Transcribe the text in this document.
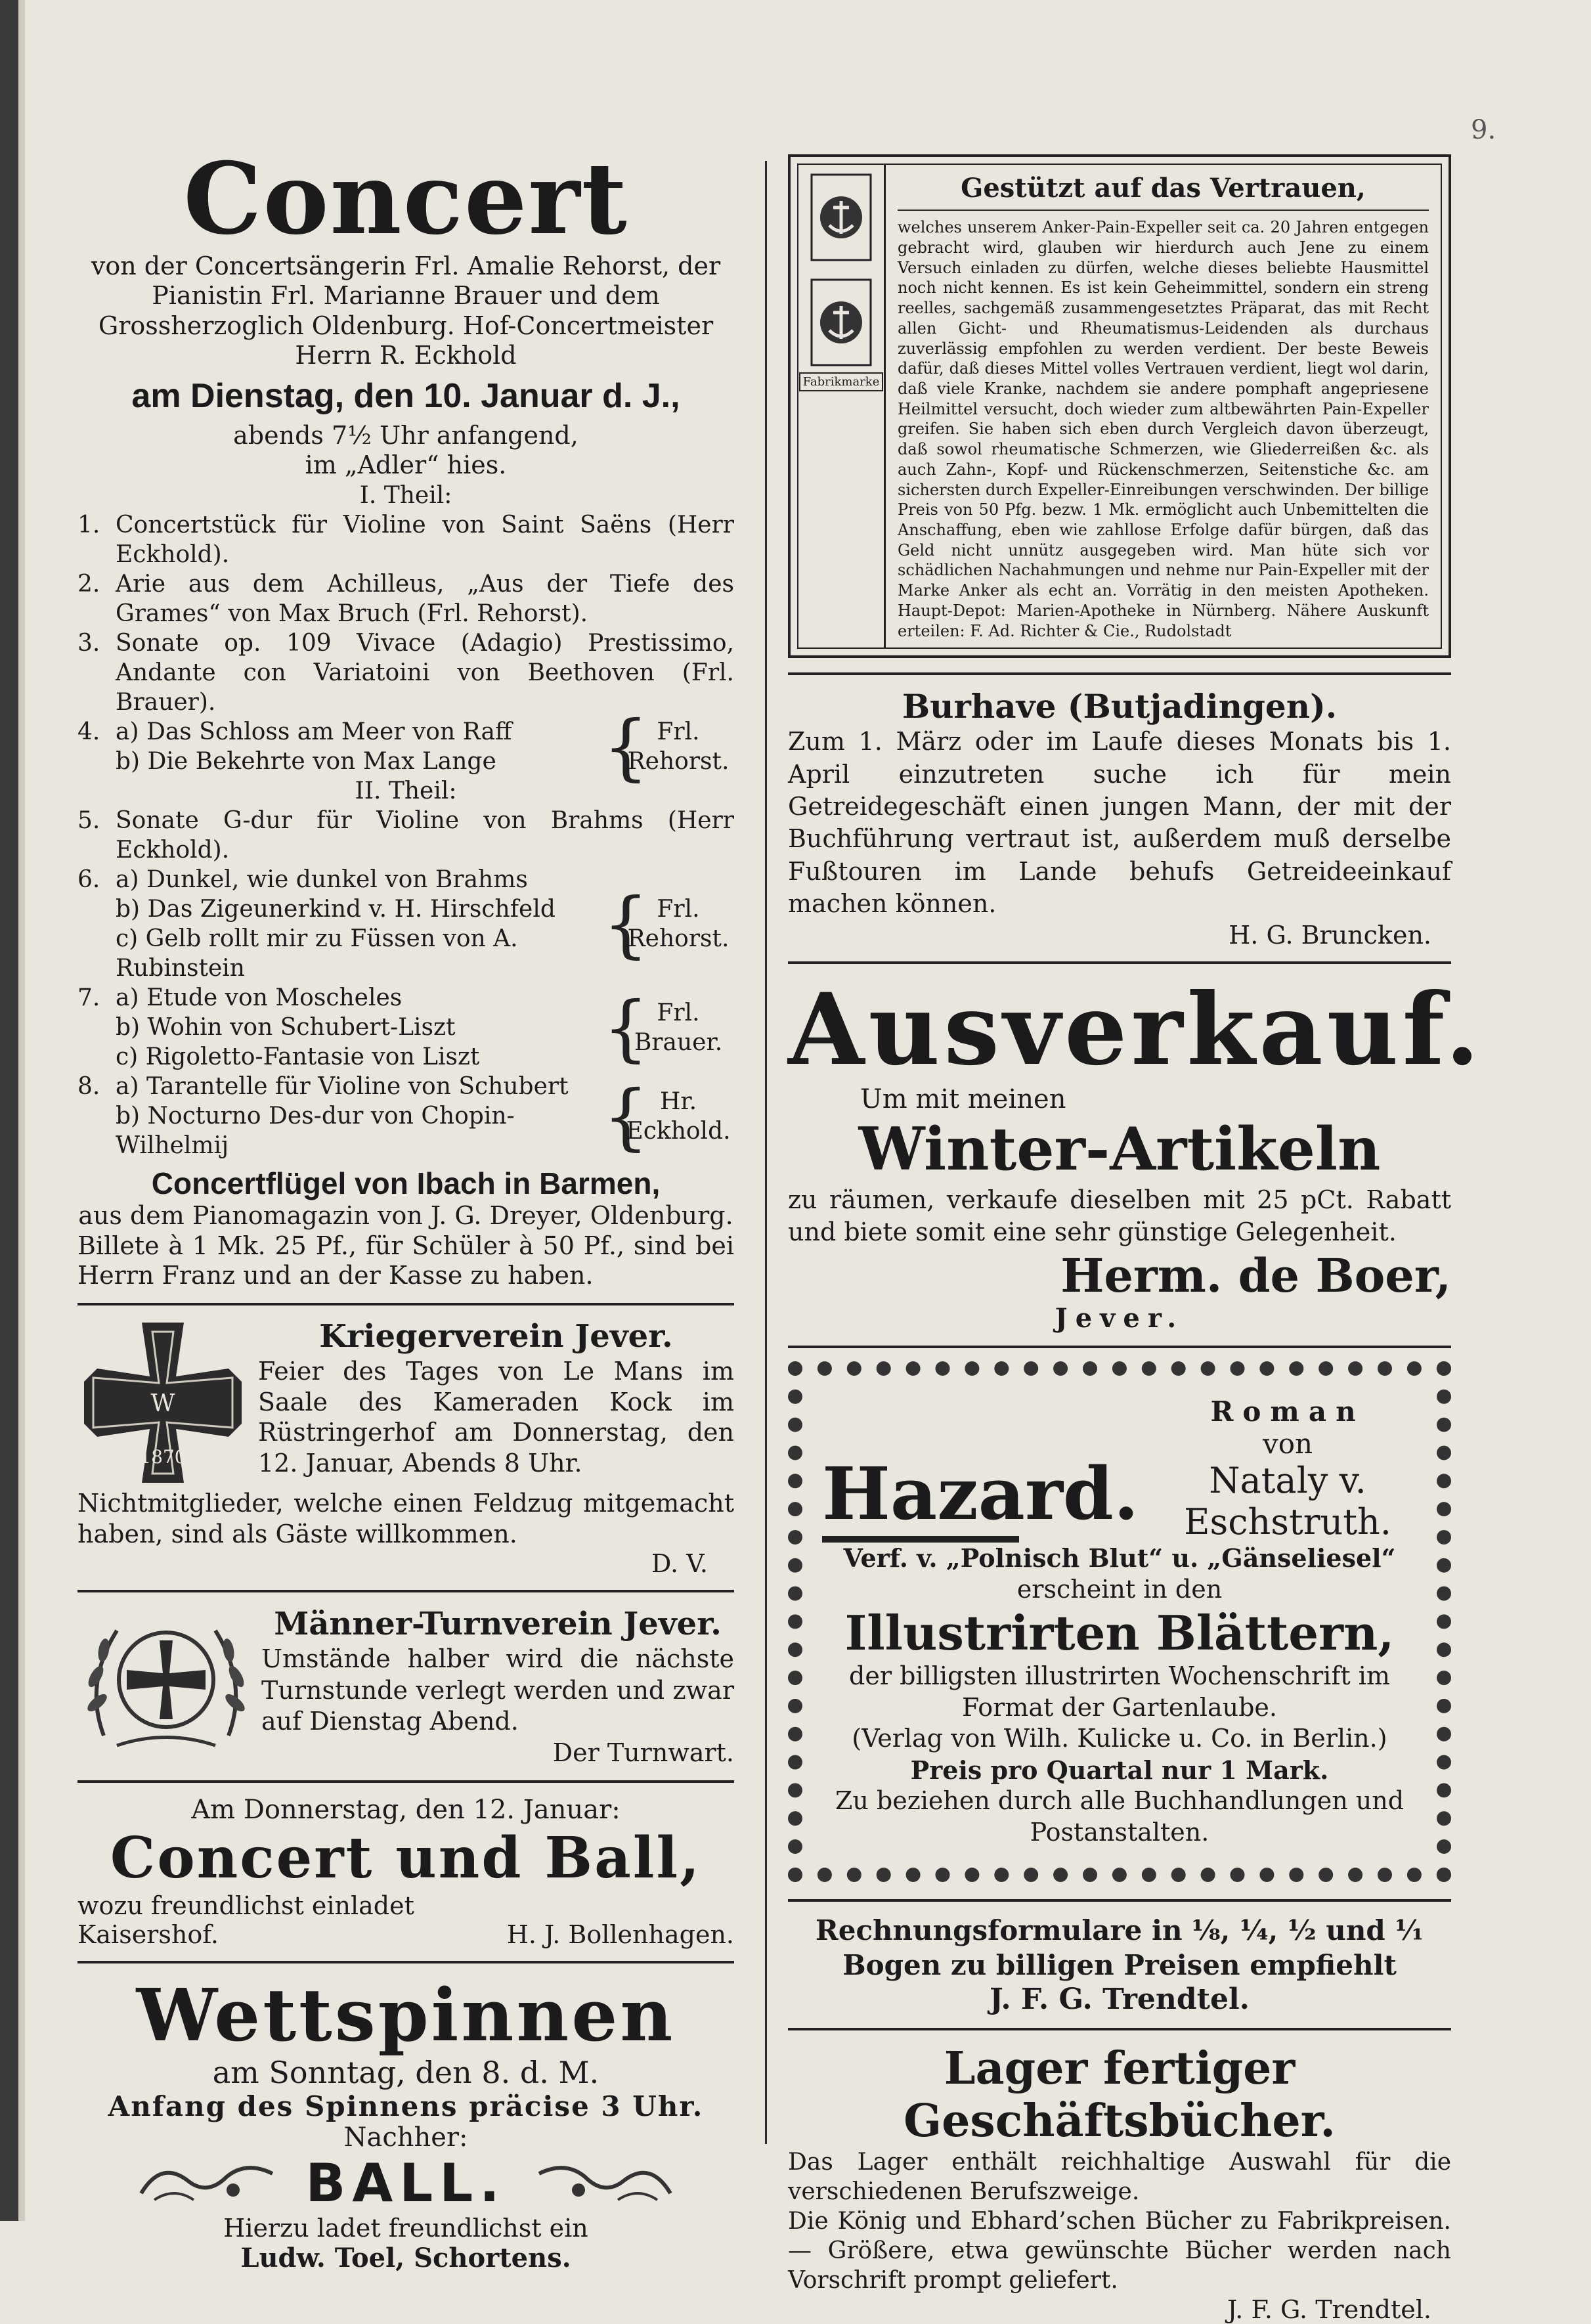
9.
Concert

von der Concertsängerin Frl. Amalie Rehorst, der Pianistin Frl. Marianne Brauer und dem Grossherzoglich Oldenburg. Hof-Concertmeister

Herrn R. Eckhold

am Dienstag, den 10. Januar d. J.,

abends 7½ Uhr anfangend,

im „Adler“ hies.

I. Theil:

1. Concertstück für Violine von Saint Saëns (Herr Eckhold).
2. Arie aus dem Achilleus, „Aus der Tiefe des Grames“ von Max Bruch (Frl. Rehorst).
3. Sonate op. 109 Vivace (Adagio) Prestissimo, Andante con Variatoini von Beethoven (Frl. Brauer).
4. a) Das Schloss am Meer von Raff
b) Die Bekehrte von Max Lange	{ Frl. Rehorst.

II. Theil:

5. Sonate G-dur für Violine von Brahms (Herr Eckhold).
6. a) Dunkel, wie dunkel von Brahms
b) Das Zigeunerkind v. H. Hirschfeld
c) Gelb rollt mir zu Füssen von A. Rubinstein
{ Frl. Rehorst.
7. a) Etude von Moscheles
b) Wohin von Schubert-Liszt
c) Rigoletto-Fantasie von Liszt	{ Frl. Brauer.
8. a) Tarantelle für Violine von Schubert
b) Nocturno Des-dur von Chopin-Wilhelmij	{ Hr. Eckhold.
Concertflügel von Ibach in Barmen,

aus dem Pianomagazin von J. G. Dreyer, Oldenburg.

Billete à 1 Mk. 25 Pf., für Schüler à 50 Pf., sind bei Herrn Franz und an der Kasse zu haben.

W
1870
Kriegerverein Jever.

Feier des Tages von Le Mans im Saale des Kameraden Kock im Rüstringerhof am Donnerstag, den 12. Januar, Abends 8 Uhr.

Nichtmitglieder, welche einen Feldzug mitgemacht haben, sind als Gäste willkommen.

D. V.

Männer-Turnverein Jever.

Umstände halber wird die nächste Turnstunde verlegt werden und zwar auf Dienstag Abend.

Der Turnwart.

Am Donnerstag, den 12. Januar:

Concert und Ball,

wozu freundlichst einladet

Kaisershof.	H. J. Bollenhagen.
Wettspinnen

am Sonntag, den 8. d. M.

Anfang des Spinnens präcise 3 Uhr.

Nachher:

BALL.

Hierzu ladet freundlichst ein

Ludw. Toel, Schortens.

Fabrikmarke
Gestützt auf das Vertrauen,

welches unserem Anker-Pain-Expeller seit ca. 20 Jahren entgegen gebracht wird, glauben wir hierdurch auch Jene zu einem Versuch einladen zu dürfen, welche dieses beliebte Hausmittel noch nicht kennen. Es ist kein Geheimmittel, sondern ein streng reelles, sachgemäß zusammengesetztes Präparat, das mit Recht allen Gicht- und Rheumatismus-Leidenden als durchaus zuverlässig empfohlen zu werden verdient. Der beste Beweis dafür, daß dieses Mittel volles Vertrauen verdient, liegt wol darin, daß viele Kranke, nachdem sie andere pomphaft angepriesene Heilmittel versucht, doch wieder zum altbewährten Pain-Expeller greifen. Sie haben sich eben durch Vergleich davon überzeugt, daß sowol rheumatische Schmerzen, wie Gliederreißen &c. als auch Zahn-, Kopf- und Rückenschmerzen, Seitenstiche &c. am sichersten durch Expeller-Einreibungen verschwinden. Der billige Preis von 50 Pfg. bezw. 1 Mk. ermöglicht auch Unbemittelten die Anschaffung, eben wie zahllose Erfolge dafür bürgen, daß das Geld nicht unnütz ausgegeben wird. Man hüte sich vor schädlichen Nachahmungen und nehme nur Pain-Expeller mit der Marke Anker als echt an. Vorrätig in den meisten Apotheken. Haupt-Depot: Marien-Apotheke in Nürnberg. Nähere Auskunft erteilen: F. Ad. Richter & Cie., Rudolstadt

Burhave (Butjadingen).

Zum 1. März oder im Laufe dieses Monats bis 1. April einzutreten suche ich für mein Getreidegeschäft einen jungen Mann, der mit der Buchführung vertraut ist, außerdem muß derselbe Fußtouren im Lande behufs Getreideeinkauf machen können.

H. G. Bruncken.

Ausverkauf.

Um mit meinen

Winter-Artikeln

zu räumen, verkaufe dieselben mit 25 pCt. Rabatt und biete somit eine sehr günstige Gelegenheit.

Herm. de Boer,

Jever.

Hazard.
Roman
von
Nataly v. Eschstruth.

Verf. v. „Polnisch Blut“ u. „Gänseliesel“

erscheint in den

Illustrirten Blättern,

der billigsten illustrirten Wochenschrift im Format der Gartenlaube.

(Verlag von Wilh. Kulicke u. Co. in Berlin.)

Preis pro Quartal nur 1 Mark.

Zu beziehen durch alle Buchhandlungen und Postanstalten.

Rechnungsformulare in ⅛, ¼, ½ und ¹⁄₁ Bogen zu billigen Preisen empfiehlt

J. F. G. Trendtel.

Lager fertiger Geschäftsbücher.

Das Lager enthält reichhaltige Auswahl für die verschiedenen Berufszweige.

Die König und Ebhard’schen Bücher zu Fabrikpreisen. — Größere, etwa gewünschte Bücher werden nach Vorschrift prompt geliefert.

J. F. G. Trendtel.
